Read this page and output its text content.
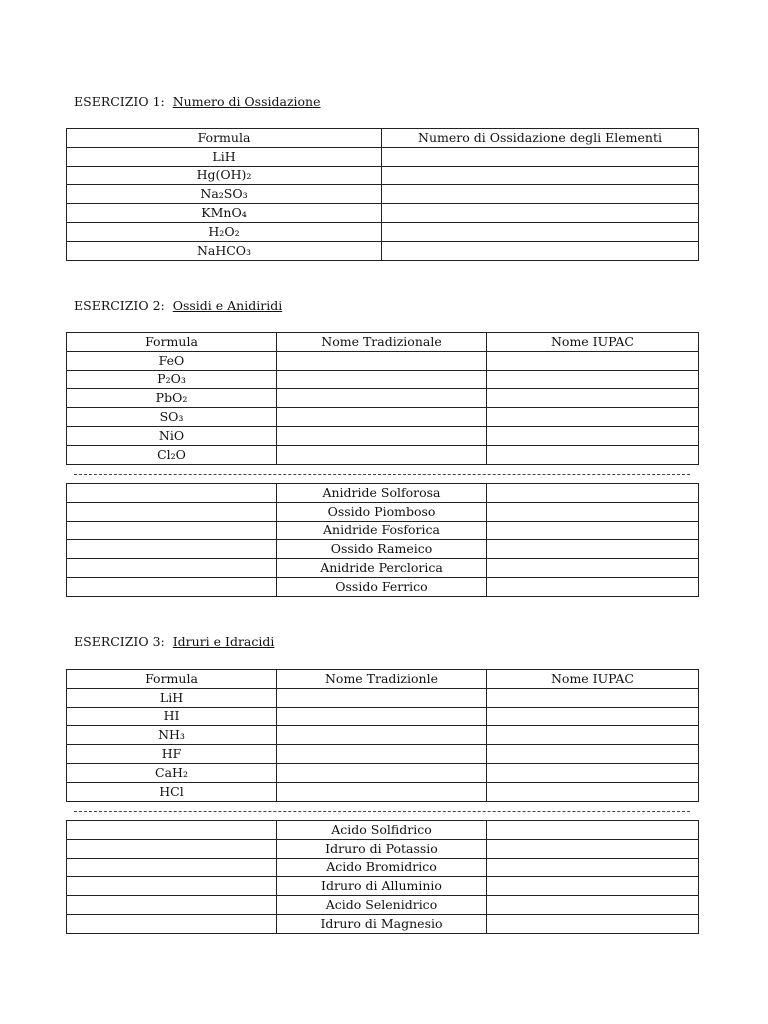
ESERCIZIO 1: Numero di Ossidazione
Formula	Numero di Ossidazione degli Elementi
LiH	
Hg(OH)₂	
Na₂SO₃	
KMnO₄	
H₂O₂	
NaHCO₃	
ESERCIZIO 2: Ossidi e Anidiridi
Formula	Nome Tradizionale	Nome IUPAC
FeO		
P₂O₃		
PbO₂		
SO₃		
NiO		
Cl₂O		
	Anidride Solforosa	
	Ossido Piomboso	
	Anidride Fosforica	
	Ossido Rameico	
	Anidride Perclorica	
	Ossido Ferrico	
ESERCIZIO 3: Idruri e Idracidi
Formula	Nome Tradizionle	Nome IUPAC
LiH		
HI		
NH₃		
HF		
CaH₂		
HCl		
	Acido Solfidrico	
	Idruro di Potassio	
	Acido Bromidrico	
	Idruro di Alluminio	
	Acido Selenidrico	
	Idruro di Magnesio	
